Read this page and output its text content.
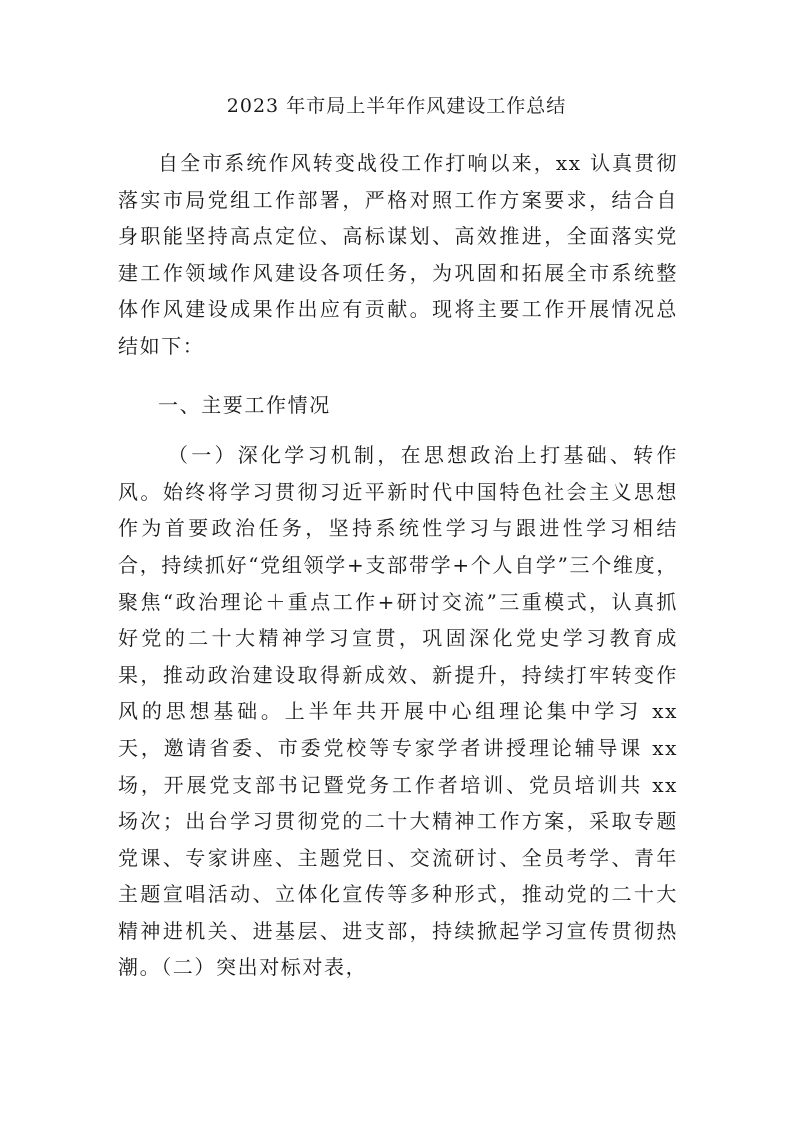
2023 年市局上半年作风建设工作总结

自全市系统作风转变战役工作打响以来，xx 认真贯彻落实市局党组工作部署，严格对照工作方案要求，结合自身职能坚持高点定位、高标谋划、高效推进，全面落实党建工作领域作风建设各项任务，为巩固和拓展全市系统整体作风建设成果作出应有贡献。现将主要工作开展情况总结如下：

一、主要工作情况

（一）深化学习机制，在思想政治上打基础、转作风。始终将学习贯彻习近平新时代中国特色社会主义思想作为首要政治任务，坚持系统性学习与跟进性学习相结合，持续抓好“党组领学+支部带学+个人自学”三个维度，聚焦“政治理论＋重点工作+研讨交流”三重模式，认真抓好党的二十大精神学习宣贯，巩固深化党史学习教育成果，推动政治建设取得新成效、新提升，持续打牢转变作风的思想基础。上半年共开展中心组理论集中学习 xx 天，邀请省委、市委党校等专家学者讲授理论辅导课 xx 场，开展党支部书记暨党务工作者培训、党员培训共 xx 场次；出台学习贯彻党的二十大精神工作方案，采取专题党课、专家讲座、主题党日、交流研讨、全员考学、青年主题宣唱活动、立体化宣传等多种形式，推动党的二十大精神进机关、进基层、进支部，持续掀起学习宣传贯彻热潮。（二）突出对标对表，
